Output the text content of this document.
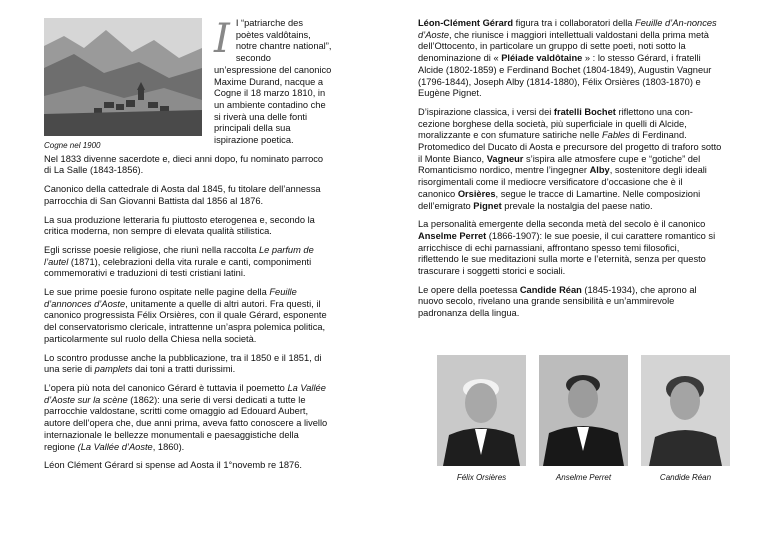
Cogne nel 1900
I I “patriarche des poètes valdôtains, notre chantre national”, secondo un’espressione del canonico Maxime Durand, nacque a Cogne il 18 marzo 1810, in un ambiente contadino che si riverà una delle fonti principali della sua ispirazione poetica.

Nel 1833 divenne sacerdote e, dieci anni dopo, fu nominato parroco di La Salle (1843-1856).

Canonico della cattedrale di Aosta dal 1845, fu titolare dell’annessa parrocchia di San Giovanni Battista dal 1856 al 1876.

La sua produzione letteraria fu piuttosto eterogenea e, secondo la critica moderna, non sempre di elevata qualità stilistica.

Egli scrisse poesie religiose, che riunì nella raccolta Le parfum de l’autel (1871), celebrazioni della vita rurale e canti, componimenti commemorativi e traduzioni di testi cristiani latini.

Le sue prime poesie furono ospitate nelle pagine della Feuille d’annonces d’Aoste, unitamente a quelle di altri autori. Fra questi, il canonico progressista Félix Orsières, con il quale Gérard, esponente del conservatorismo clericale, intrattenne un’aspra polemica politica, particolarmente sul ruolo della Chiesa nella società.

Lo scontro produsse anche la pubblicazione, tra il 1850 e il 1851, di una serie di pamplets dai toni a tratti durissimi.

L’opera più nota del canonico Gérard è tuttavia il poemetto La Vallée d’Aoste sur la scène (1862): una serie di versi dedicati a tutte le parrocchie valdostane, scritti come omaggio ad Edouard Aubert, autore dell’opera che, due anni prima, aveva fatto conoscere a livello internazionale le bellezze monumentali e paesaggistiche della regione (La Vallée d’Aoste, 1860).

Léon Clément Gérard si spense ad Aosta il 1°novemb re 1876.

Léon-Clément Gérard figura tra i collaboratori della Feuille d’An-nonces d’Aoste, che riunisce i maggiori intellettuali valdostani della prima metà dell’Ottocento, in particolare un gruppo di sette poeti, noti sotto la denominazione di « Pléiade valdôtaine » : lo stesso Gérard, i fratelli Alcide (1802-1859) e Ferdinand Bochet (1804-1849), Augustin Vagneur (1796-1844), Joseph Alby (1814-1880), Félix Orsières (1803-1870) e Eugène Pignet.

D’ispirazione classica, i versi dei fratelli Bochet riflettono una con-cezione borghese della società, più superficiale in quelli di Alcide, moralizzante e con sfumature satiriche nelle Fables di Ferdinand. Protomedico del Ducato di Aosta e precursore del progetto di traforo sotto il Monte Bianco, Vagneur s’ispira alle atmosfere cupe e “gotiche” del Romanticismo nordico, mentre l’ingegner Alby, sostenitore degli ideali risorgimentali come il mediocre versificatore d’occasione che è il canonico Orsières, segue le tracce di Lamartine. Nelle composizioni dell’emigrato Pignet prevale la nostalgia del paese natio.

La personalità emergente della seconda metà del secolo è il canonico Anselme Perret (1866-1907): le sue poesie, il cui carattere romantico si arricchisce di echi parnassiani, affrontano spesso temi filosofici, riflettendo le sue meditazioni sulla morte e l’eternità, senza per questo trascurare i soggetti storici e sociali.

Le opere della poetessa Candide Réan (1845-1934), che aprono al nuovo secolo, rivelano una grande sensibilità e un’ammirevole padronanza della lingua.

Félix Orsières	Anselme Perret	Candide Réan
